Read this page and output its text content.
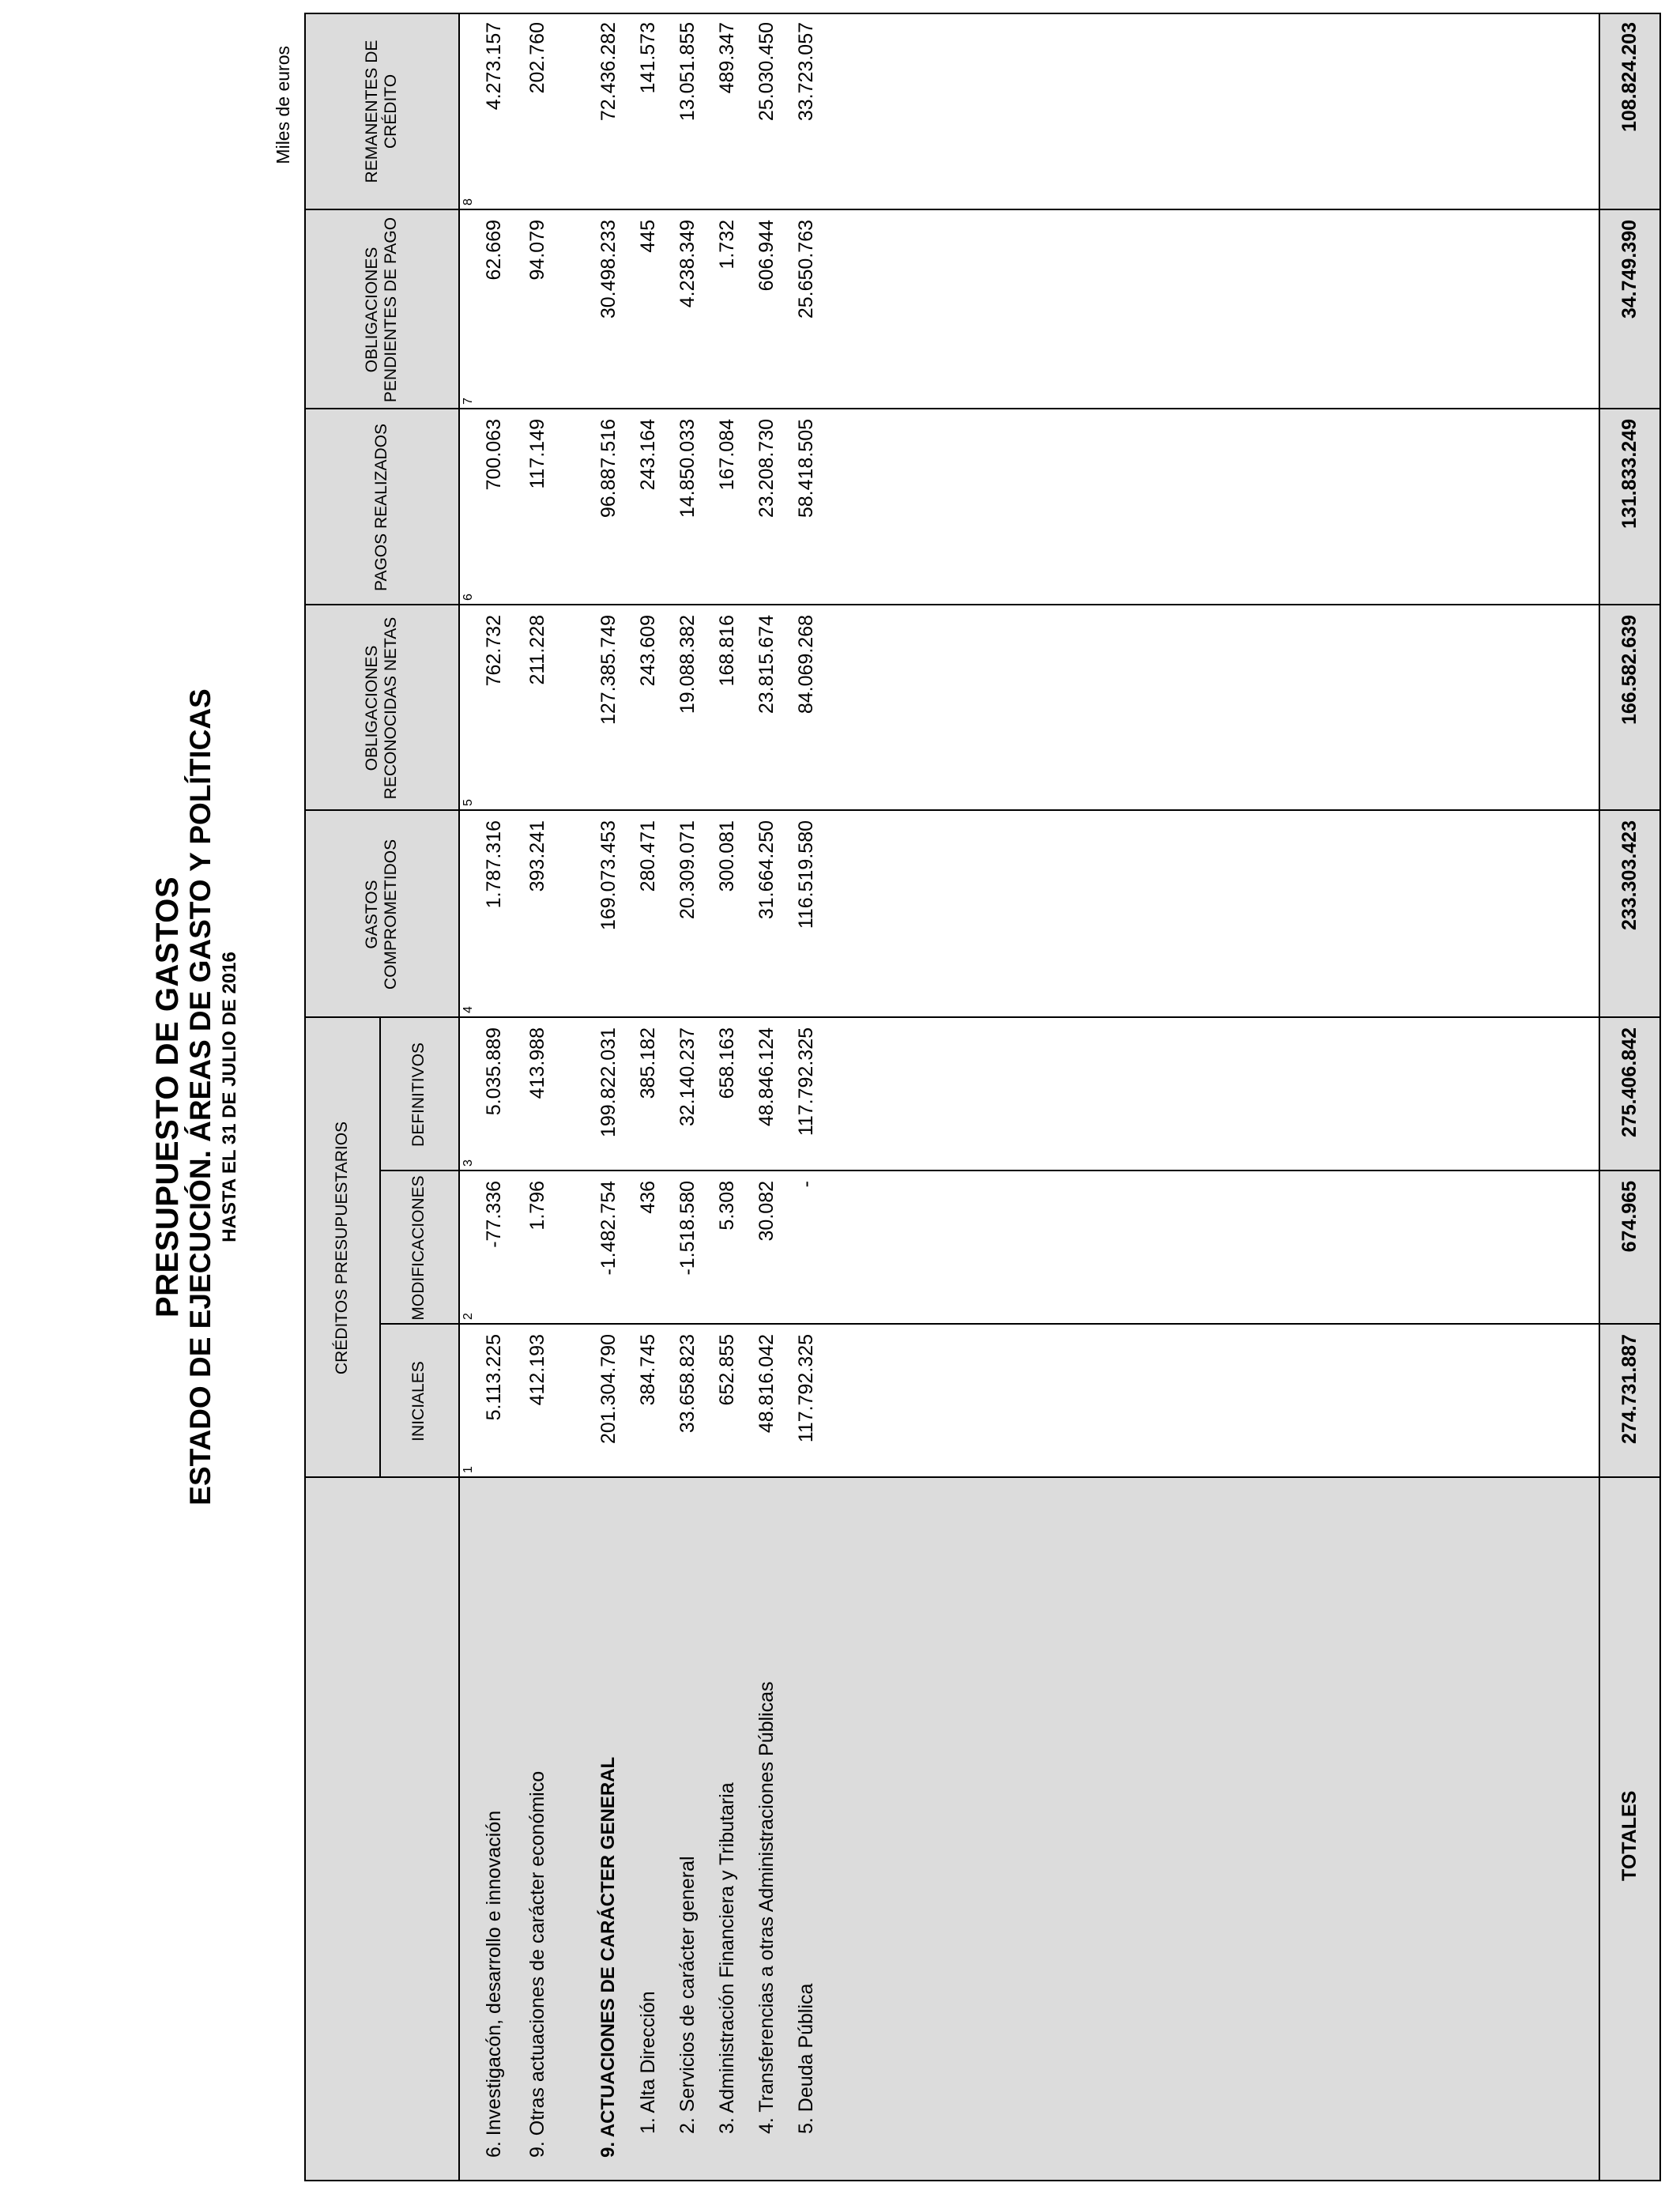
PRESUPUESTO DE GASTOS ESTADO DE EJECUCIÓN. ÁREAS DE GASTO Y POLÍTICAS HASTA EL 31 DE JULIO DE 2016
Miles de euros
CRÉDITOS PRESUPUESTARIOS
INICIALES
1
MODIFICACIONES	2
DEFINITIVOS
3
GASTOS COMPROMETIDOS
4
OBLIGACIONES RECONOCIDAS NETAS
5
PAGOS REALIZADOS
6
OBLIGACIONES PENDIENTES DE PAGO	7
REMANENTES DE CRÉDITO
8
6. Investigacón, desarrollo e innovación
5.113.225
-77.336
5.035.889
1.787.316
762.732
700.063
62.669
4.273.157
9. Otras actuaciones de carácter económico
412.193
1.796
413.988
393.241
211.228
117.149
94.079
202.760
9. ACTUACIONES DE CARÁCTER GENERAL
201.304.790
-1.482.754
199.822.031
169.073.453
127.385.749
96.887.516
30.498.233
72.436.282
1. Alta Dirección
384.745
436
385.182
280.471
243.609
243.164
445
141.573
2. Servicios de carácter general
33.658.823
-1.518.580
32.140.237
20.309.071
19.088.382
14.850.033
4.238.349
13.051.855
3. Administración Financiera y Tributaria
652.855
5.308
658.163
300.081
168.816
167.084
1.732
489.347
4. Transferencias a otras Administraciones Públicas
48.816.042
30.082
48.846.124
31.664.250
23.815.674
23.208.730
606.944
25.030.450
5. Deuda Pública
117.792.325
-
117.792.325
116.519.580
84.069.268
58.418.505
25.650.763
33.723.057
TOTALES
274.731.887
674.965
275.406.842
233.303.423
166.582.639
131.833.249
34.749.390
108.824.203
